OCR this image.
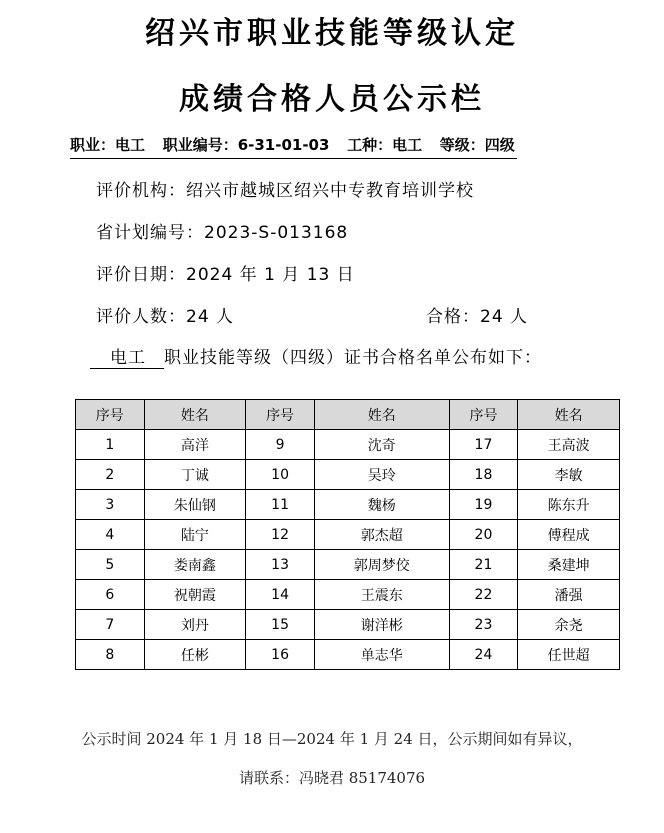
绍兴市职业技能等级认定
成绩合格人员公示栏
职业：电工 职业编号：6-31-01-03 工种：电工 等级：四级
评价机构：绍兴市越城区绍兴中专教育培训学校
省计划编号：2023-S-013168
评价日期：2024 年 1 月 13 日
评价人数：24 人	合格：24 人
电工 职业技能等级（四级）证书合格名单公布如下：
序号	姓名	序号	姓名	序号	姓名
1	高洋	9	沈奇	17	王高波
2	丁诚	10	吴玲	18	李敏
3	朱仙钢	11	魏杨	19	陈东升
4	陆宁	12	郭杰超	20	傅程成
5	娄南鑫	13	郭周梦佼	21	桑建坤
6	祝朝霞	14	王震东	22	潘强
7	刘丹	15	谢洋彬	23	余尧
8	任彬	16	单志华	24	任世超
公示时间 2024 年 1 月 18 日—2024 年 1 月 24 日，公示期间如有异议，
请联系：冯晓君 85174076
